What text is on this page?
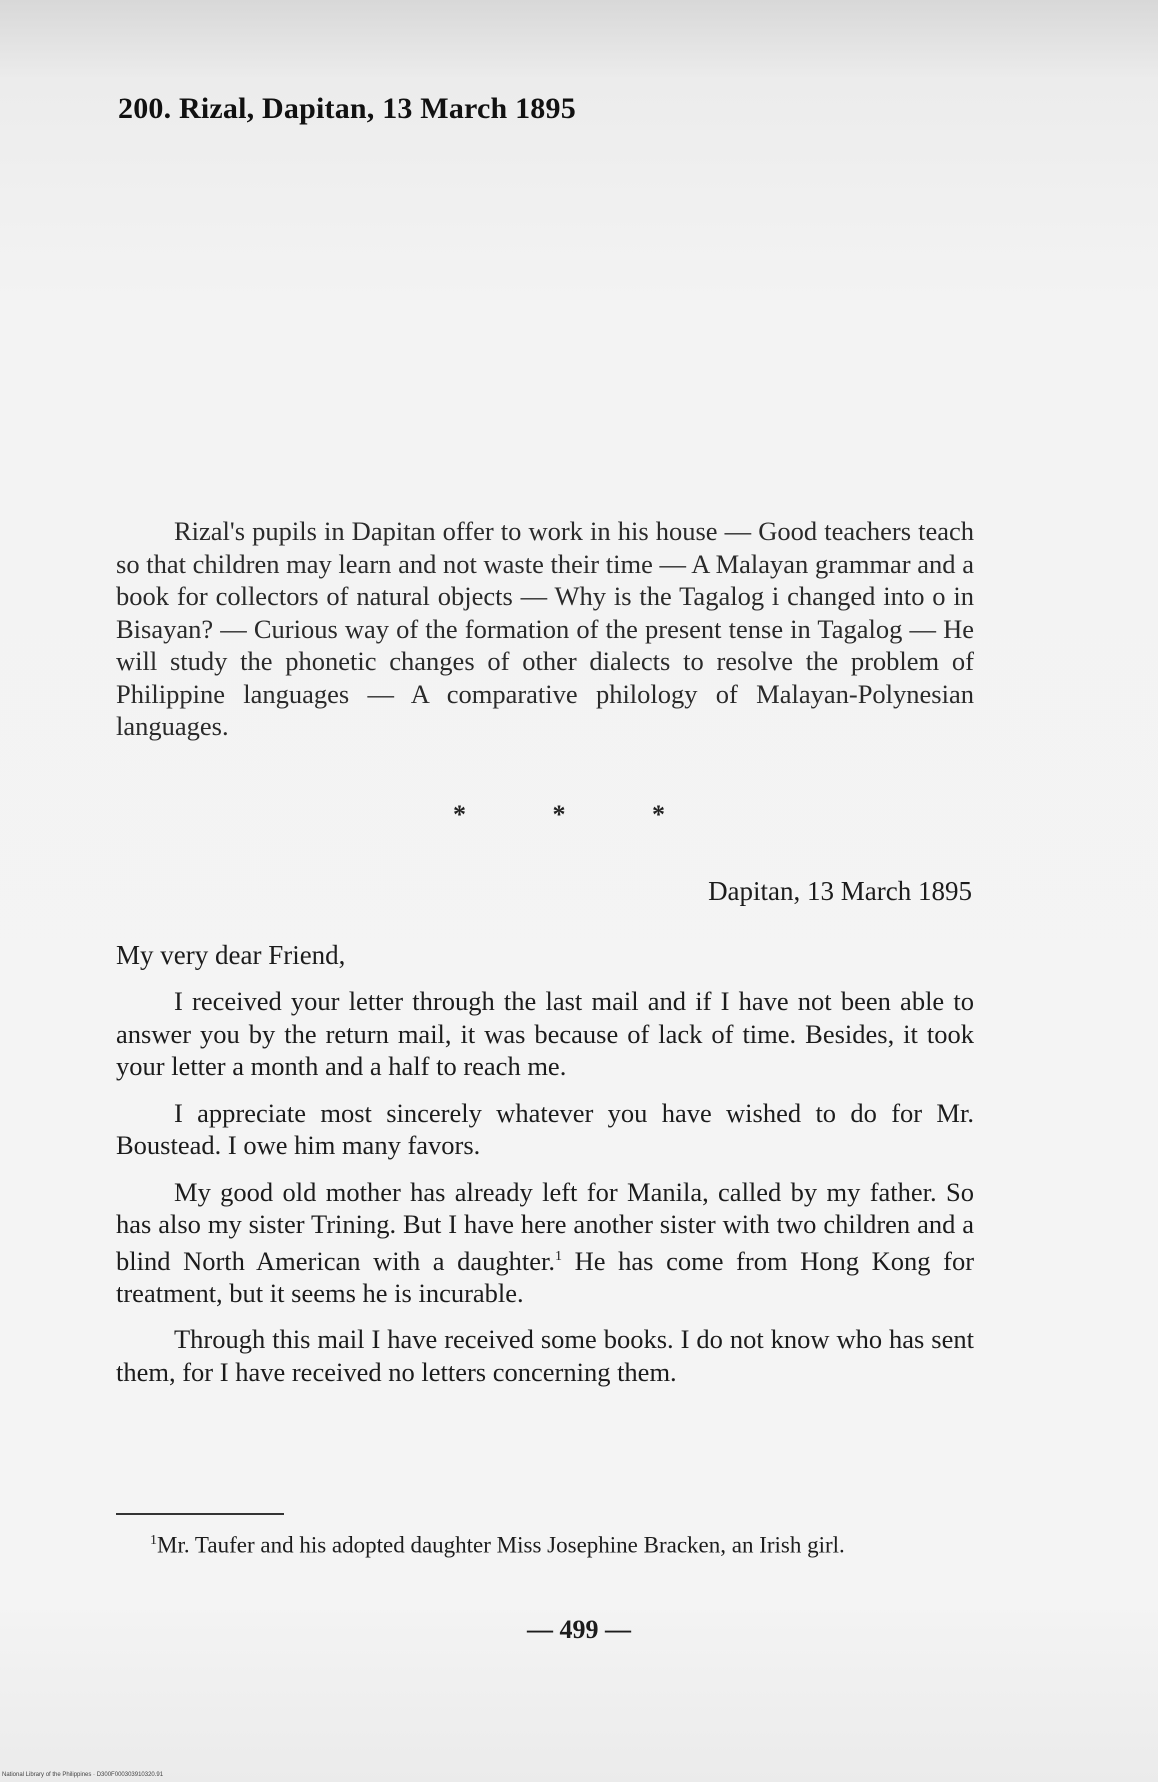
200. Rizal, Dapitan, 13 March 1895

Rizal's pupils in Dapitan offer to work in his house — Good teachers teach so that children may learn and not waste their time — A Malayan grammar and a book for collectors of natural objects — Why is the Tagalog i changed into o in Bisayan? — Curious way of the formation of the present tense in Tagalog — He will study the phonetic changes of other dialects to resolve the problem of Philippine languages — A comparative philology of Malayan-Polynesian languages.

* * *

Dapitan, 13 March 1895

My very dear Friend,

I received your letter through the last mail and if I have not been able to answer you by the return mail, it was because of lack of time. Besides, it took your letter a month and a half to reach me.

I appreciate most sincerely whatever you have wished to do for Mr. Boustead. I owe him many favors.

My good old mother has already left for Manila, called by my father. So has also my sister Trining. But I have here another sister with two children and a blind North American with a daughter.$^1$ He has come from Hong Kong for treatment, but it seems he is incurable.

Through this mail I have received some books. I do not know who has sent them, for I have received no letters concerning them.

$^1$Mr. Taufer and his adopted daughter Miss Josephine Bracken, an Irish girl.

— 499 —

National Library of the Philippines · D300F000303910320.91
